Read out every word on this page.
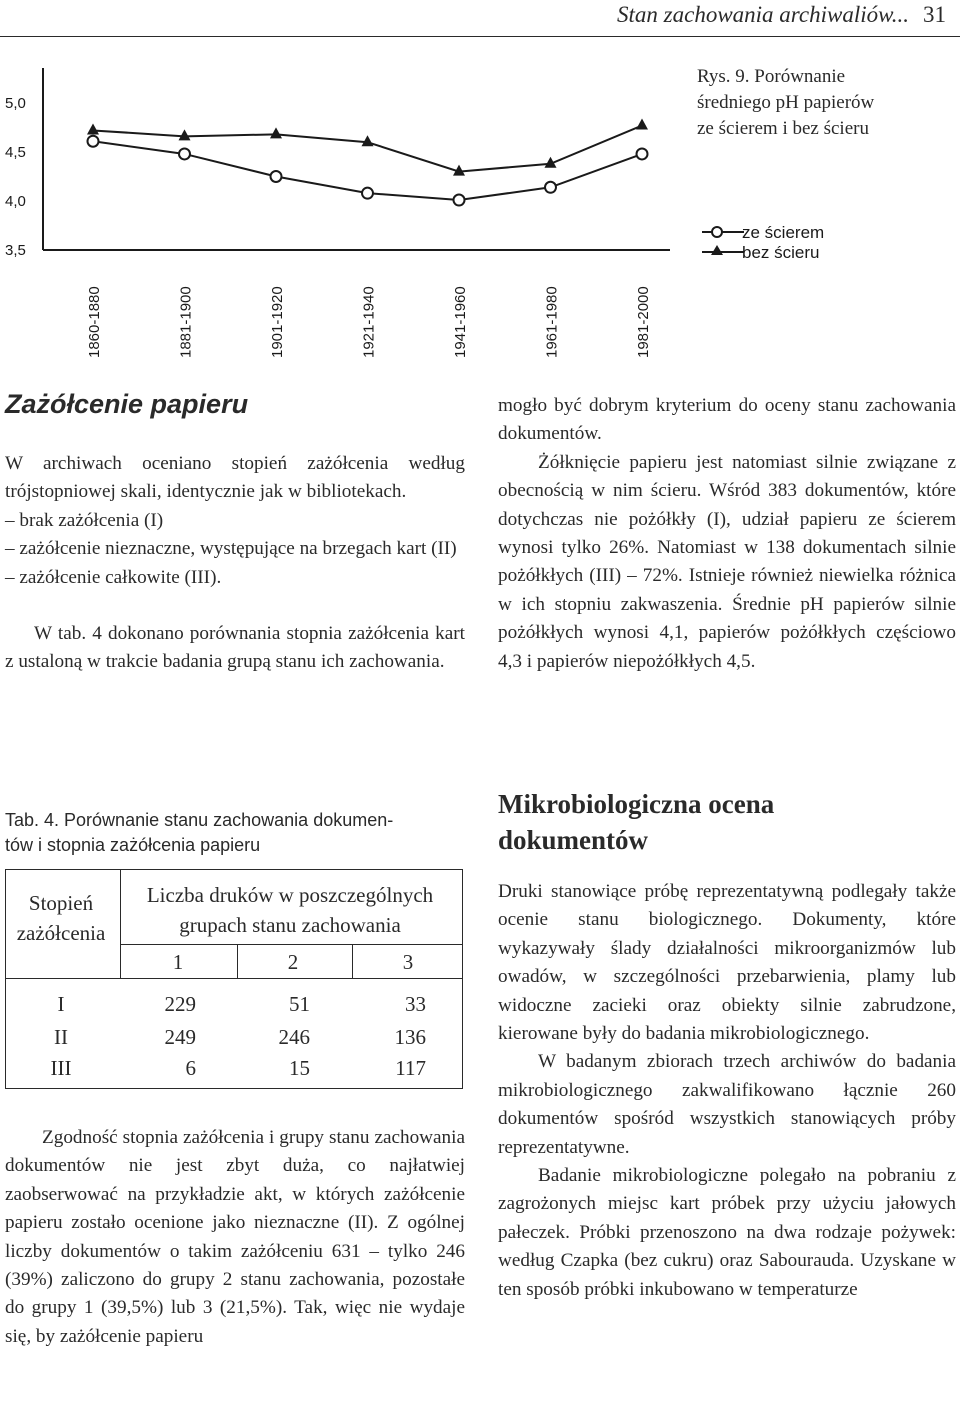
Stan zachowania archiwaliów... 31
3,5
4,0
4,5
5,0
1860-1880	1881-1900	1901-1920	1921-1940	1941-1960	1961-1980	1981-2000
ze ścierem
bez ścieru
Rys. 9. Porównanie
średniego pH papierów
ze ścierem i bez ścieru
Zażółcenie papieru

W archiwach oceniano stopień zażółcenia według trójstopniowej skali, identycznie jak w bibliotekach.

– brak zażółcenia (I)

– zażółcenie nieznaczne, występujące na brzegach kart (II)

– zażółcenie całkowite (III).

W tab. 4 dokonano porównania stopnia zażółcenia kart z ustaloną w trakcie badania grupą stanu ich zachowania.

Tab. 4. Porównanie stanu zachowania dokumen-
tów i stopnia zażółcenia papieru
Stopień zażółcenia
Liczba druków w poszczególnych grupach stanu zachowania
1	2	3
I	229	51	33
II	249	246	136
III	6	15	117

Zgodność stopnia zażółcenia i grupy stanu zachowania dokumentów nie jest zbyt duża, co najłatwiej zaobserwować na przykładzie akt, w których zażółcenie papieru zostało ocenione jako nieznaczne (II). Z ogólnej liczby dokumentów o takim zażółceniu 631 – tylko 246 (39%) zaliczono do grupy 2 stanu zachowania, pozostałe do grupy 1 (39,5%) lub 3 (21,5%). Tak, więc nie wydaje się, by zażółcenie papieru

mogło być dobrym kryterium do oceny stanu zachowania dokumentów.

Żółknięcie papieru jest natomiast silnie związane z obecnością w nim ścieru. Wśród 383 dokumentów, które dotychczas nie pożółkły (I), udział papieru ze ścierem wynosi tylko 26%. Natomiast w 138 dokumentach silnie pożółkłych (III) – 72%. Istnieje również niewielka różnica w ich stopniu zakwaszenia. Średnie pH papierów silnie pożółkłych wynosi 4,1, papierów pożółkłych częściowo 4,3 i papierów niepożółkłych 4,5.

Mikrobiologiczna ocena dokumentów

Druki stanowiące próbę reprezentatywną podlegały także ocenie stanu biologicznego. Dokumenty, które wykazywały ślady działalności mikroorganizmów lub owadów, w szczególności przebarwienia, plamy lub widoczne zacieki oraz obiekty silnie zabrudzone, kierowane były do badania mikrobiologicznego.

W badanym zbiorach trzech archiwów do badania mikrobiologicznego zakwalifikowano łącznie 260 dokumentów spośród wszystkich stanowiących próby reprezentatywne.

Badanie mikrobiologiczne polegało na pobraniu z zagrożonych miejsc kart próbek przy użyciu jałowych pałeczek. Próbki przenoszono na dwa rodzaje pożywek: według Czapka (bez cukru) oraz Sabourauda. Uzyskane w ten sposób próbki inkubowano w temperaturze
